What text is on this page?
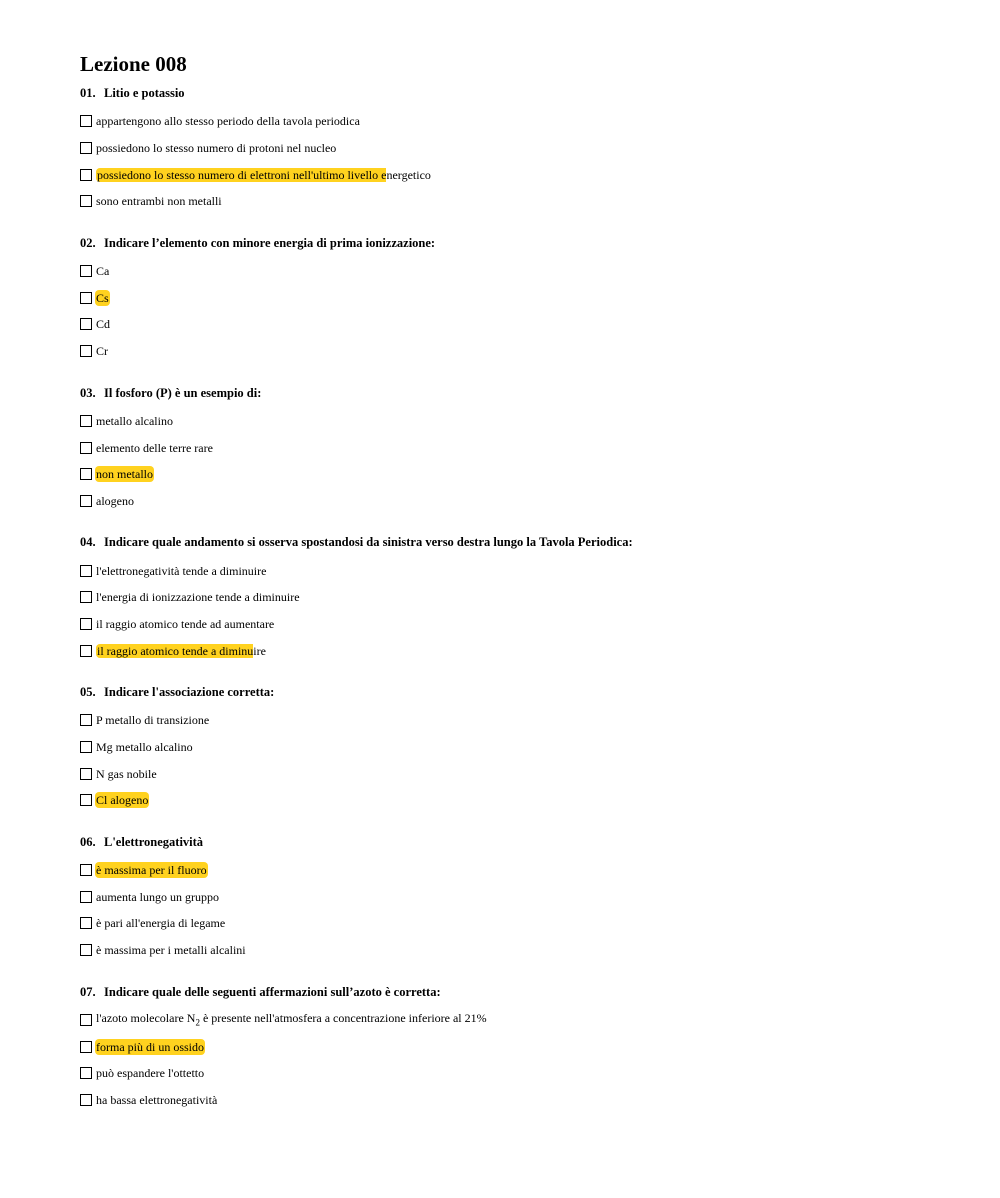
Lezione 008
01. Litio e potassio
appartengono allo stesso periodo della tavola periodica
possiedono lo stesso numero di protoni nel nucleo
possiedono lo stesso numero di elettroni nell'ultimo livello energetico
sono entrambi non metalli
02. Indicare l’elemento con minore energia di prima ionizzazione:
Ca
Cs
Cd
Cr
03. Il fosforo (P) è un esempio di:
metallo alcalino
elemento delle terre rare
non metallo
alogeno
04. Indicare quale andamento si osserva spostandosi da sinistra verso destra lungo la Tavola Periodica:
l'elettronegatività tende a diminuire
l'energia di ionizzazione tende a diminuire
il raggio atomico tende ad aumentare
il raggio atomico tende a diminuire
05. Indicare l'associazione corretta:
P metallo di transizione
Mg metallo alcalino
N gas nobile
Cl alogeno
06. L'elettronegatività
è massima per il fluoro
aumenta lungo un gruppo
è pari all'energia di legame
è massima per i metalli alcalini
07. Indicare quale delle seguenti affermazioni sull’azoto è corretta:
l'azoto molecolare $N_2$ è presente nell'atmosfera a concentrazione inferiore al 21%
forma più di un ossido
può espandere l'ottetto
ha bassa elettronegatività
